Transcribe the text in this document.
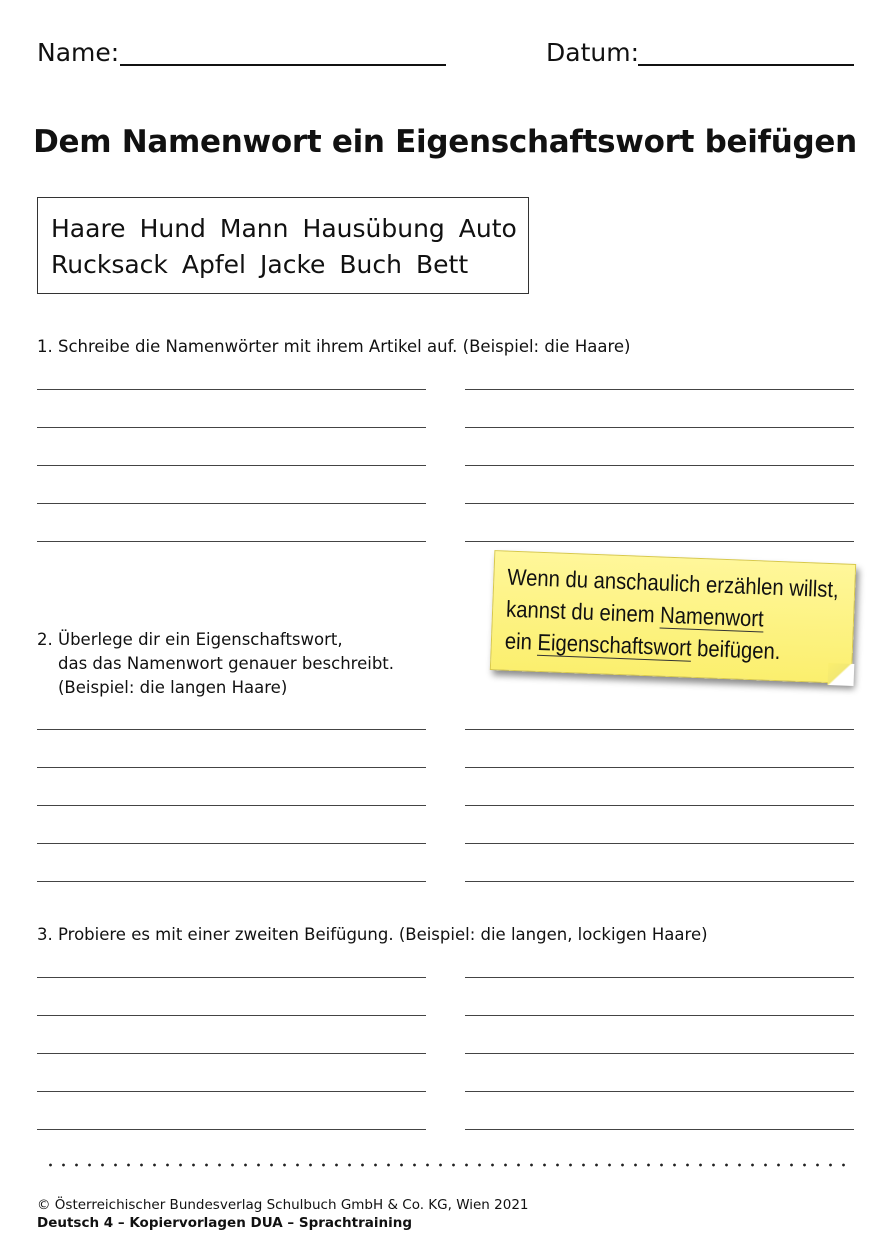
Name:	Datum:
Dem Namenwort ein Eigenschaftswort beifügen
Haare Hund Mann Hausübung Auto
Rucksack Apfel Jacke Buch Bett
1. Schreibe die Namenwörter mit ihrem Artikel auf. (Beispiel: die Haare)
Wenn du anschaulich erzählen willst,
kannst du einem Namenwort
ein Eigenschaftswort beifügen.
2. Überlege dir ein Eigenschaftswort,
das das Namenwort genauer beschreibt.
(Beispiel: die langen Haare)
3. Probiere es mit einer zweiten Beifügung. (Beispiel: die langen, lockigen Haare)
© Österreichischer Bundesverlag Schulbuch GmbH & Co. KG, Wien 2021
Deutsch 4 – Kopiervorlagen DUA – Sprachtraining
